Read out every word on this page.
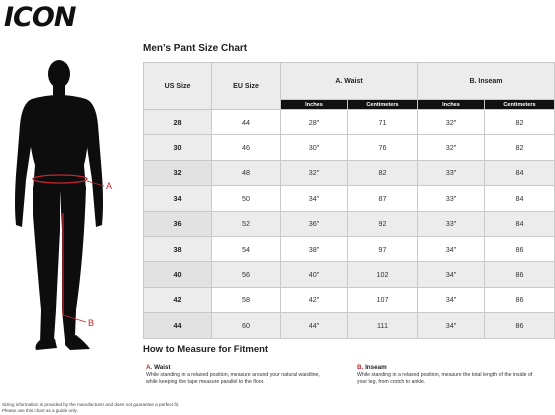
ICON
A
B
Men’s Pant Size Chart
US Size	EU Size	A. Waist		B. Inseam	
		Inches	Centimeters	Inches	Centimeters
28	44	28"	71	32"	82
30	46	30"	76	32"	82
32	48	32"	82	33"	84
34	50	34"	87	33"	84
36	52	36"	92	33"	84
38	54	38"	97	34"	86
40	56	40"	102	34"	86
42	58	42"	107	34"	86
44	60	44"	111	34"	86
How to Measure for Fitment
A. Waist
While standing in a relaxed position, measure around your natural waistline,
while keeping the tape measure parallel to the floor.
B. Inseam
While standing in a relaxed position, measure the total length of the inside of
your leg, from crotch to ankle.
Sizing information is provided by the manufacturer and does not guarantee a perfect fit.
Please use this chart as a guide only.
